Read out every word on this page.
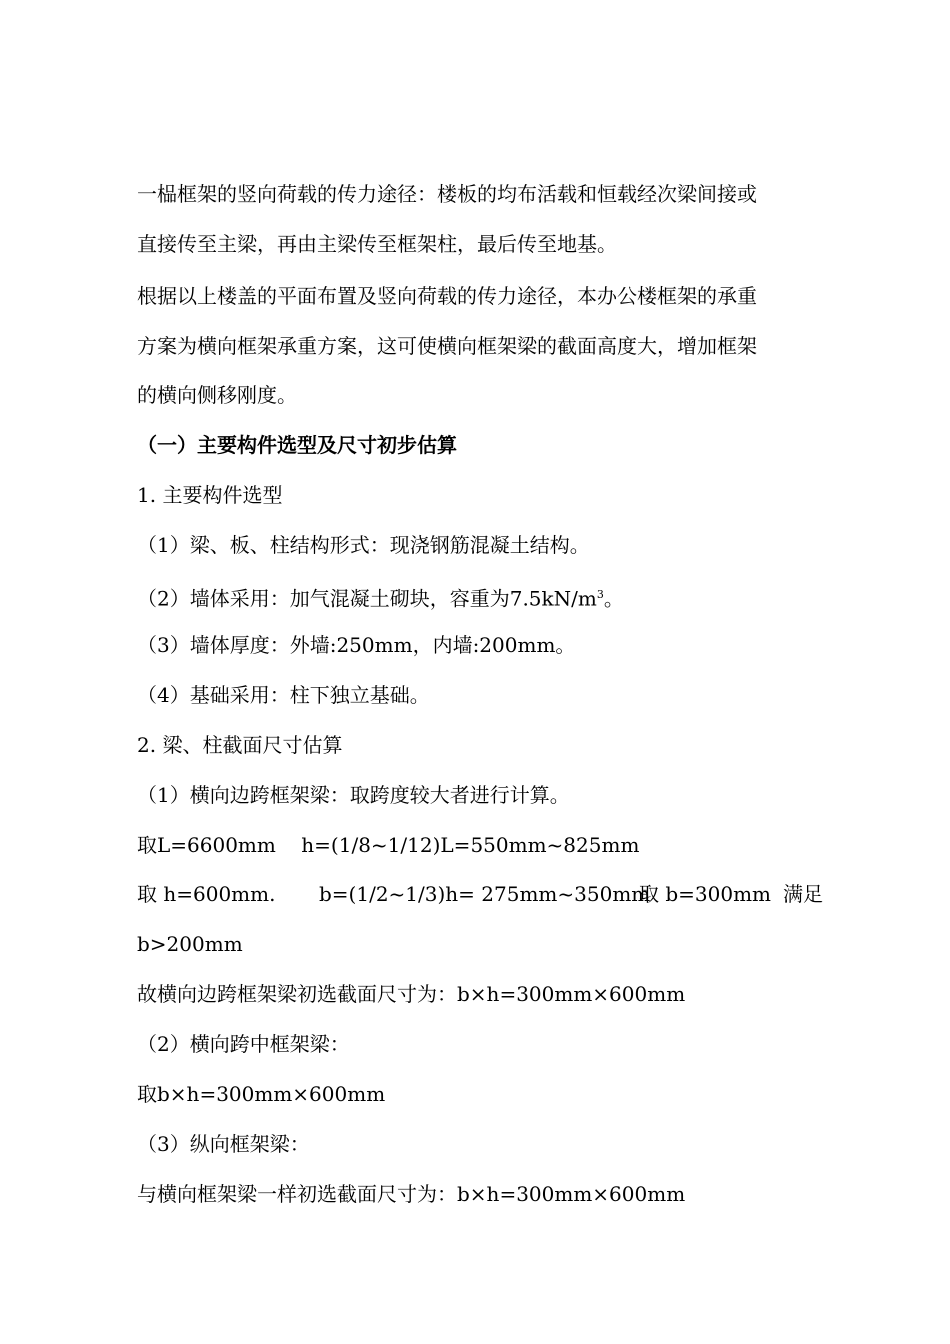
一榀框架的竖向荷载的传力途径：楼板的均布活载和恒载经次梁间接或
直接传至主梁，再由主梁传至框架柱，最后传至地基。
根据以上楼盖的平面布置及竖向荷载的传力途径，本办公楼框架的承重
方案为横向框架承重方案，这可使横向框架梁的截面高度大，增加框架
的横向侧移刚度。
（一）主要构件选型及尺寸初步估算
1. 主要构件选型
（1）梁、板、柱结构形式：现浇钢筋混凝土结构。
（2）墙体采用：加气混凝土砌块，容重为$7.5kN/m^3$。
（3）墙体厚度：外墙:250mm，内墙:200mm。
（4）基础采用：柱下独立基础。
2. 梁、柱截面尺寸估算
（1）横向边跨框架梁：取跨度较大者进行计算。
取L=6600mm    h=(1/8~1/12)L=550mm~825mm
取 h=600mm. b=(1/2~1/3)h= 275mm~350mm
取 b=300mm 满足
b>200mm
故横向边跨框架梁初选截面尺寸为：b×h=300mm×600mm
（2）横向跨中框架梁：
取b×h=300mm×600mm
（3）纵向框架梁：
与横向框架梁一样初选截面尺寸为：b×h=300mm×600mm
